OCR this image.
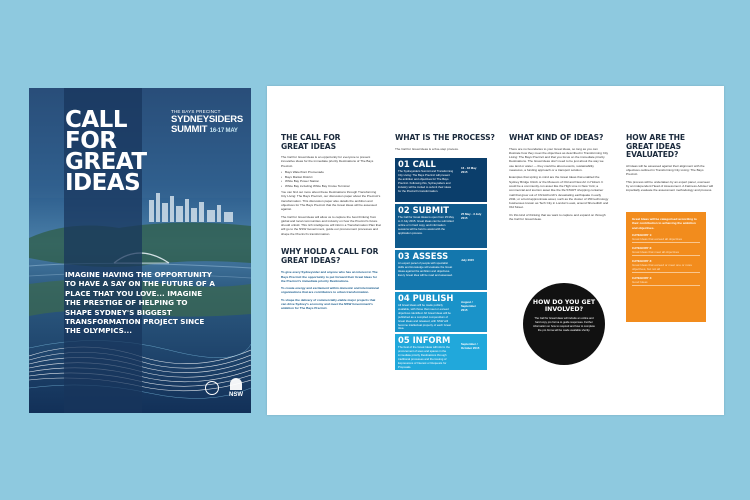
CALL
FOR
GREAT
IDEAS
THE BAYS PRECINCT
SYDNEYSIDERS
SUMMIT 16-17 MAY
IMAGINE HAVING THE OPPORTUNITY TO HAVE A SAY ON THE FUTURE OF A PLACE THAT YOU LOVE... IMAGINE THE PRESTIGE OF HELPING TO SHAPE SYDNEY'S BIGGEST TRANSFORMATION PROJECT SINCE THE OLYMPICS...
NSW
THE CALL FOR GREAT IDEAS
The Call for Great Ideas is an opportunity for everyone to present innovative ideas for the immediate priority Destinations of The Bays Precinct.
• Bays Waterfront Promenade
• Bays Market District
• White Bay Power Station
• White Bay including White Bay Cruise Terminal
You can find out more about these Destinations through Transforming City Living: The Bays Precinct, our discussion paper about the Precinct's transformation. This discussion paper also details the ambition and objectives for The Bays Precinct that the Great Ideas will be assessed against.
The Call for Great Ideas will allow us to capture the best thinking from global and local communities and industry on how the Precinct's future should unfold. This rich intelligence will inform a Transformation Plan that will go to the NSW Government, guide our procurement processes and shape the Precinct's transformation.
WHY HOLD A CALL FOR GREAT IDEAS?
To give every Sydneysider and anyone who has an interest in The Bays Precinct the opportunity to put forward their Great Ideas for the Precinct's immediate priority Destinations.
To create energy and excitement within domestic and international organisations that are contributors to urban transformation.
To shape the delivery of commercially-viable major projects that can drive Sydney's economy and meet the NSW Government's ambition for The Bays Precinct.
WHAT IS THE PROCESS?
The Call for Great Ideas is a five-step process.
01 CALL
The Sydneysiders Summit and Transforming City Living: The Bays Precinct will present the ambition and objectives for The Bays Precinct. Following this, Sydneysiders and industry will be invited to submit their ideas for the Precinct's transformation.
16 - 18 May 2015
02 SUBMIT
The Call for Great Ideas is open from 25 May to 3 July 2015. Great Ideas can be submitted online or in hard copy, and information sessions will be held to assist with the application process.
25 May - 3 July 2015
03 ASSESS
An expert panel of people with specialist skills and knowledge will evaluate the Great Ideas against the ambition and objectives. Every Great Idea will be read and assessed.
July 2015
04 PUBLISH
All Great Ideas will be made publicly available, with those that meet or exceed objectives identified. All Great Ideas will be published as a compiled compendium of Great Ideas and released, with NSW will become intellectual property of each Great Idea.
August / September 2015
05 INFORM
The best of the Great Ideas will inform the procurement of uses and spaces in the immediate priority Destinations through traditional processes and the issuing of Expressions of Interest or Requests for Proposals.
September / October 2015
WHAT KIND OF IDEAS?
There are no boundaries to your Great Ideas, so long as you can illustrate how they meet the objectives as described in Transforming City Living: The Bays Precinct and that you focus on the immediate priority Destinations. The Great Ideas don't need to be just about the way we use land or water — they could be about events, sustainability measures, a funding approach or a transport solution.
Examples that spring to mind are the Great Ideas that enabled the Sydney Bridge Climb or the Museum of Old and New Art in Hobart. It could be a community-run asset like the High Line in New York; a commercial and tourism asset like the Re:START shopping container mall that grew out of Christchurch's devastating earthquake in early 2011; or a bold approximate asset, such as the cluster of 150 technology businesses known as Tech City in London's east, around Shoreditch and Old Street.
It's this kind of thinking that we want to capture and expand on through the Call for Great Ideas.
HOW DO YOU GET INVOLVED?
The Call for Great Ideas will include an online and hard copy pro forma to guide responses. Further information on how to respond and how to complete the pro forma will be made available shortly.
HOW ARE THE GREAT IDEAS EVALUATED?
All ideas will be assessed against their alignment with the objectives outlined in Transforming City Living: The Bays Precinct.
This process will be undertaken by an expert panel, overseen by an independent Head of Assessment. A Fairness Adviser will impartially evaluate the assessment methodology and process.
Great Ideas will be categorised according to their contribution to achieving the ambition and objectives.
CATEGORY 1:
Great Ideas that exceed all objectives
CATEGORY 2:
Great Ideas that meet all objectives
CATEGORY 3:
Great Ideas that exceed or meet one or more objectives, but not all
CATEGORY 4:
Good Ideas
